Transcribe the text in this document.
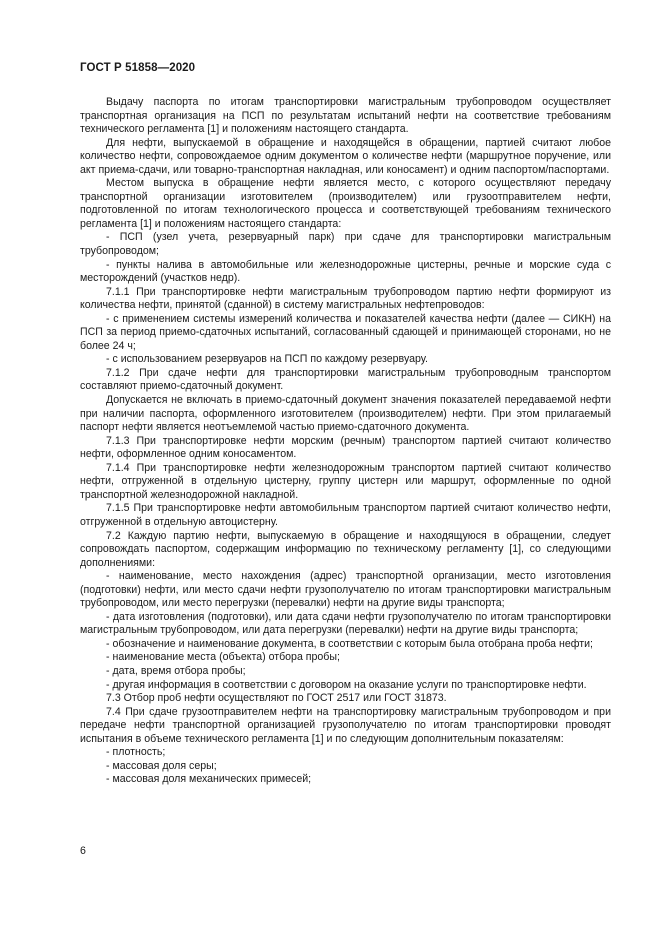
ГОСТ Р 51858—2020

Выдачу паспорта по итогам транспортировки магистральным трубопроводом осуществляет транспортная организация на ПСП по результатам испытаний нефти на соответствие требованиям технического регламента [1] и положениям настоящего стандарта.

Для нефти, выпускаемой в обращение и находящейся в обращении, партией считают любое количество нефти, сопровождаемое одним документом о количестве нефти (маршрутное поручение, или акт приема-сдачи, или товарно-транспортная накладная, или коносамент) и одним паспортом/паспортами.

Местом выпуска в обращение нефти является место, с которого осуществляют передачу транспортной организации изготовителем (производителем) или грузоотправителем нефти, подготовленной по итогам технологического процесса и соответствующей требованиям технического регламента [1] и положениям настоящего стандарта:

- ПСП (узел учета, резервуарный парк) при сдаче для транспортировки магистральным трубопроводом;

- пункты налива в автомобильные или железнодорожные цистерны, речные и морские суда с месторождений (участков недр).

7.1.1 При транспортировке нефти магистральным трубопроводом партию нефти формируют из количества нефти, принятой (сданной) в систему магистральных нефтепроводов:

- с применением системы измерений количества и показателей качества нефти (далее — СИКН) на ПСП за период приемо-сдаточных испытаний, согласованный сдающей и принимающей сторонами, но не более 24 ч;

- с использованием резервуаров на ПСП по каждому резервуару.

7.1.2 При сдаче нефти для транспортировки магистральным трубопроводным транспортом составляют приемо-сдаточный документ.

Допускается не включать в приемо-сдаточный документ значения показателей передаваемой нефти при наличии паспорта, оформленного изготовителем (производителем) нефти. При этом прилагаемый паспорт нефти является неотъемлемой частью приемо-сдаточного документа.

7.1.3 При транспортировке нефти морским (речным) транспортом партией считают количество нефти, оформленное одним коносаментом.

7.1.4 При транспортировке нефти железнодорожным транспортом партией считают количество нефти, отгруженной в отдельную цистерну, группу цистерн или маршрут, оформленные по одной транспортной железнодорожной накладной.

7.1.5 При транспортировке нефти автомобильным транспортом партией считают количество нефти, отгруженной в отдельную автоцистерну.

7.2 Каждую партию нефти, выпускаемую в обращение и находящуюся в обращении, следует сопровождать паспортом, содержащим информацию по техническому регламенту [1], со следующими дополнениями:

- наименование, место нахождения (адрес) транспортной организации, место изготовления (подготовки) нефти, или место сдачи нефти грузополучателю по итогам транспортировки магистральным трубопроводом, или место перегрузки (перевалки) нефти на другие виды транспорта;

- дата изготовления (подготовки), или дата сдачи нефти грузополучателю по итогам транспортировки магистральным трубопроводом, или дата перегрузки (перевалки) нефти на другие виды транспорта;

- обозначение и наименование документа, в соответствии с которым была отобрана проба нефти;

- наименование места (объекта) отбора пробы;

- дата, время отбора пробы;

- другая информация в соответствии с договором на оказание услуги по транспортировке нефти.

7.3 Отбор проб нефти осуществляют по ГОСТ 2517 или ГОСТ 31873.

7.4 При сдаче грузоотправителем нефти на транспортировку магистральным трубопроводом и при передаче нефти транспортной организацией грузополучателю по итогам транспортировки проводят испытания в объеме технического регламента [1] и по следующим дополнительным показателям:

- плотность;

- массовая доля серы;

- массовая доля механических примесей;

6
